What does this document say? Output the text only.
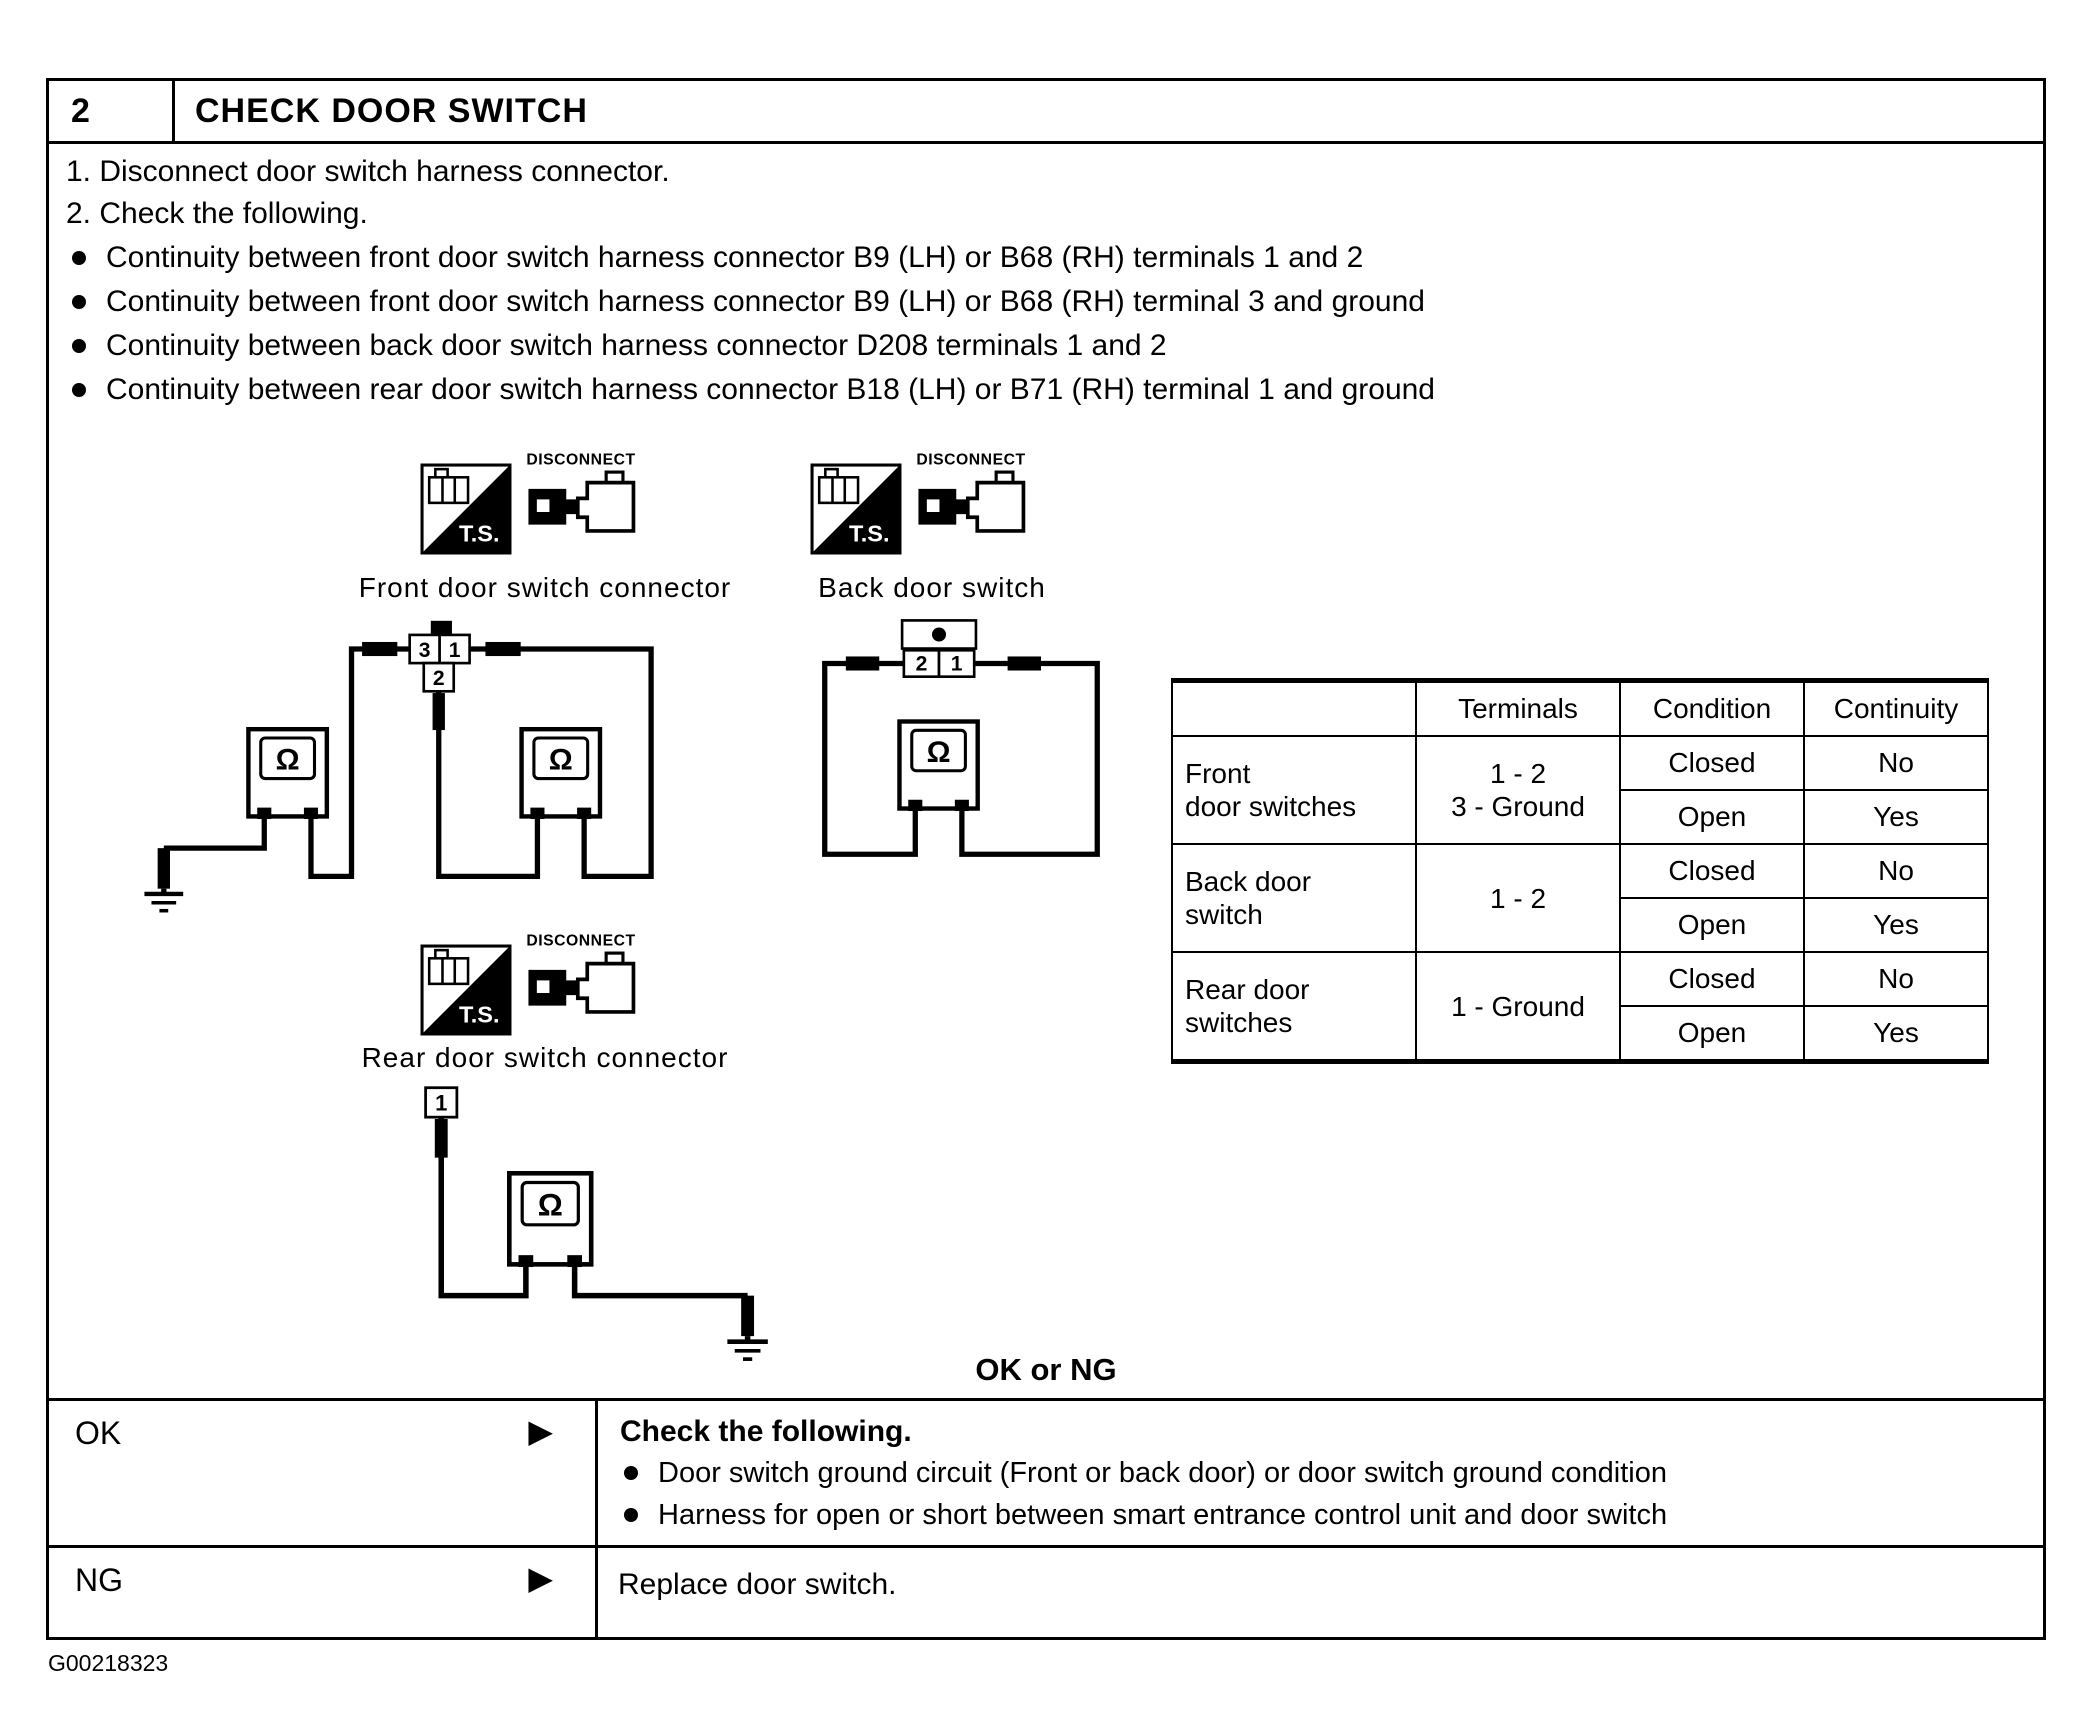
2	CHECK DOOR SWITCH
1. Disconnect door switch harness connector.
2. Check the following.
Continuity between front door switch harness connector B9 (LH) or B68 (RH) terminals 1 and 2
Continuity between front door switch harness connector B9 (LH) or B68 (RH) terminal 3 and ground
Continuity between back door switch harness connector D208 terminals 1 and 2
Continuity between rear door switch harness connector B18 (LH) or B71 (RH) terminal 1 and ground
Front door switch connector	Back door switch
3 1
2
2 1
	Terminals	Condition	Continuity
Front
door switches	1 - 2
3 - Ground	Closed	No
		Open	Yes
Back door
switch	1 - 2	Closed	No
		Open	Yes
Rear door
switches	1 - Ground	Closed	No
		Open	Yes
Rear door switch connector
1
OK or NG
OK	▶ Check the following.
Door switch ground circuit (Front or back door) or door switch ground condition
Harness for open or short between smart entrance control unit and door switch
NG	▶ Replace door switch.
G00218323
